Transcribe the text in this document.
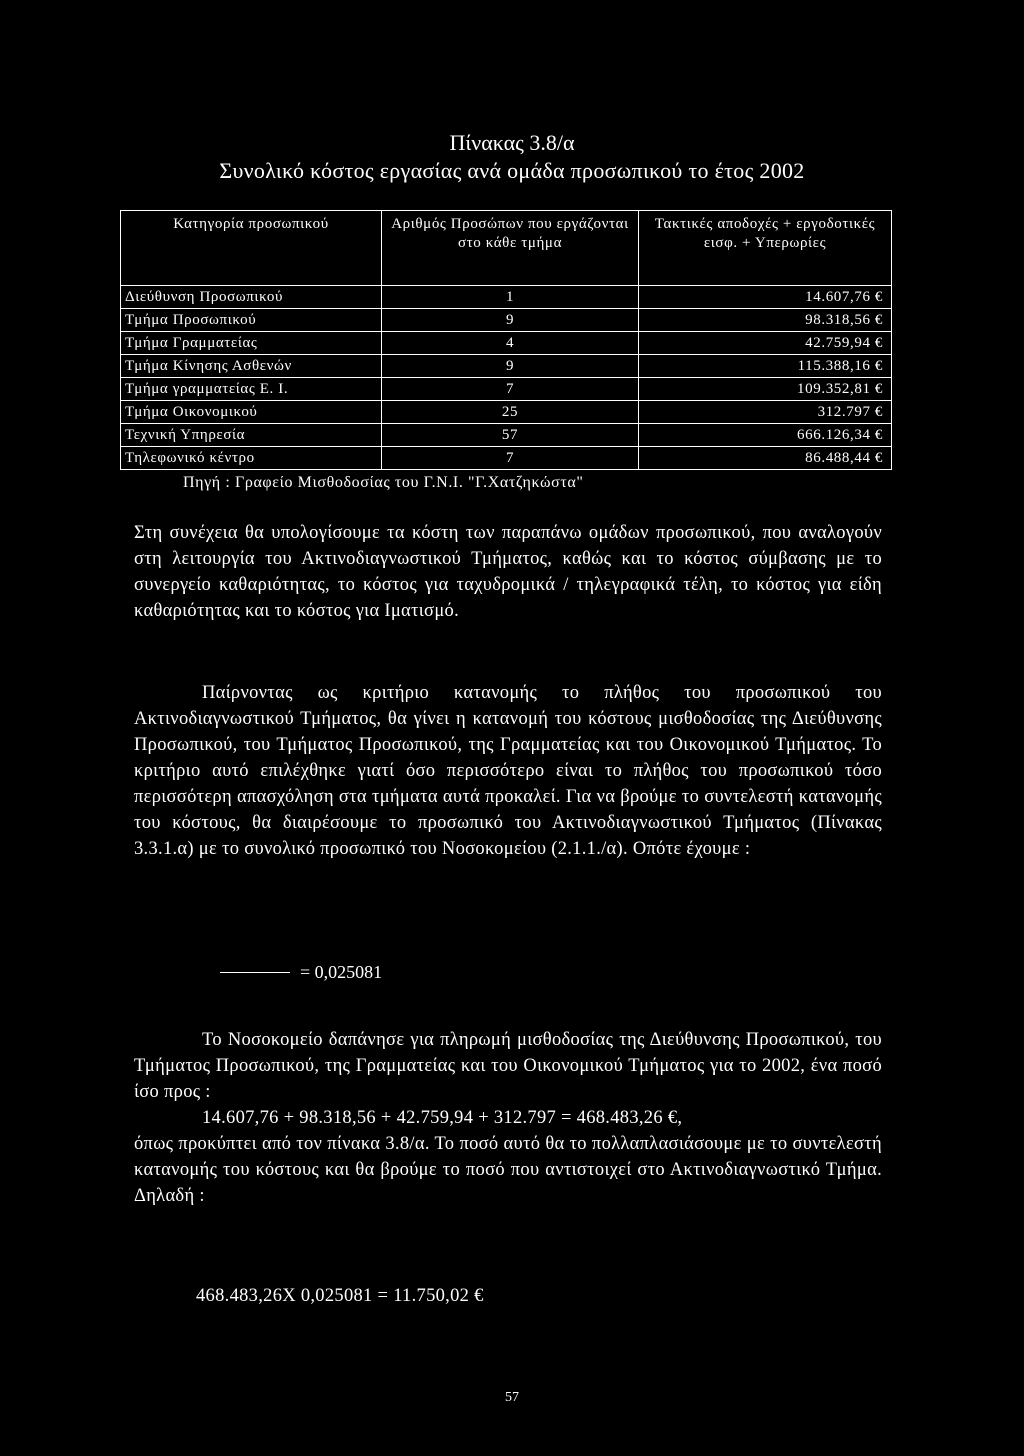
Πίνακας 3.8/α
Συνολικό κόστος εργασίας ανά ομάδα προσωπικού το έτος 2002
Κατηγορία προσωπικού	Αριθμός Προσώπων που εργάζονται στο κάθε τμήμα	Τακτικές αποδοχές + εργοδοτικές εισφ. + Υπερωρίες
Διεύθυνση Προσωπικού	1	14.607,76 €
Τμήμα Προσωπικού	9	98.318,56 €
Τμήμα Γραμματείας	4	42.759,94 €
Τμήμα Κίνησης Ασθενών	9	115.388,16 €
Τμήμα γραμματείας Ε. Ι.	7	109.352,81 €
Τμήμα Οικονομικού	25	312.797 €
Τεχνική Υπηρεσία	57	666.126,34 €
Τηλεφωνικό κέντρο	7	86.488,44 €
Πηγή : Γραφείο Μισθοδοσίας του Γ.Ν.Ι. "Γ.Χατζηκώστα"
Στη συνέχεια θα υπολογίσουμε τα κόστη των παραπάνω ομάδων προσωπικού, που αναλογούν στη λειτουργία του Ακτινοδιαγνωστικού Τμήματος, καθώς και το κόστος σύμβασης με το συνεργείο καθαριότητας, το κόστος για ταχυδρομικά / τηλεγραφικά τέλη, το κόστος για είδη καθαριότητας και το κόστος για Ιματισμό.
Παίρνοντας ως κριτήριο κατανομής το πλήθος του προσωπικού του Ακτινοδιαγνωστικού Τμήματος, θα γίνει η κατανομή του κόστους μισθοδοσίας της Διεύθυνσης Προσωπικού, του Τμήματος Προσωπικού, της Γραμματείας και του Οικονομικού Τμήματος. Το κριτήριο αυτό επιλέχθηκε γιατί όσο περισσότερο είναι το πλήθος του προσωπικού τόσο περισσότερη απασχόληση στα τμήματα αυτά προκαλεί. Για να βρούμε το συντελεστή κατανομής του κόστους, θα διαιρέσουμε το προσωπικό του Ακτινοδιαγνωστικού Τμήματος (Πίνακας 3.3.1.α) με το συνολικό προσωπικό του Νοσοκομείου (2.1.1./α). Οπότε έχουμε :
= 0,025081
Το Νοσοκομείο δαπάνησε για πληρωμή μισθοδοσίας της Διεύθυνσης Προσωπικού, του Τμήματος Προσωπικού, της Γραμματείας και του Οικονομικού Τμήματος για το 2002, ένα ποσό ίσο προς :
14.607,76 + 98.318,56 + 42.759,94 + 312.797 = 468.483,26 €,
όπως προκύπτει από τον πίνακα 3.8/α. Το ποσό αυτό θα το πολλαπλασιάσουμε με το συντελεστή κατανομής του κόστους και θα βρούμε το ποσό που αντιστοιχεί στο Ακτινοδιαγνωστικό Τμήμα. Δηλαδή :
468.483,26Χ 0,025081 = 11.750,02 €
57
